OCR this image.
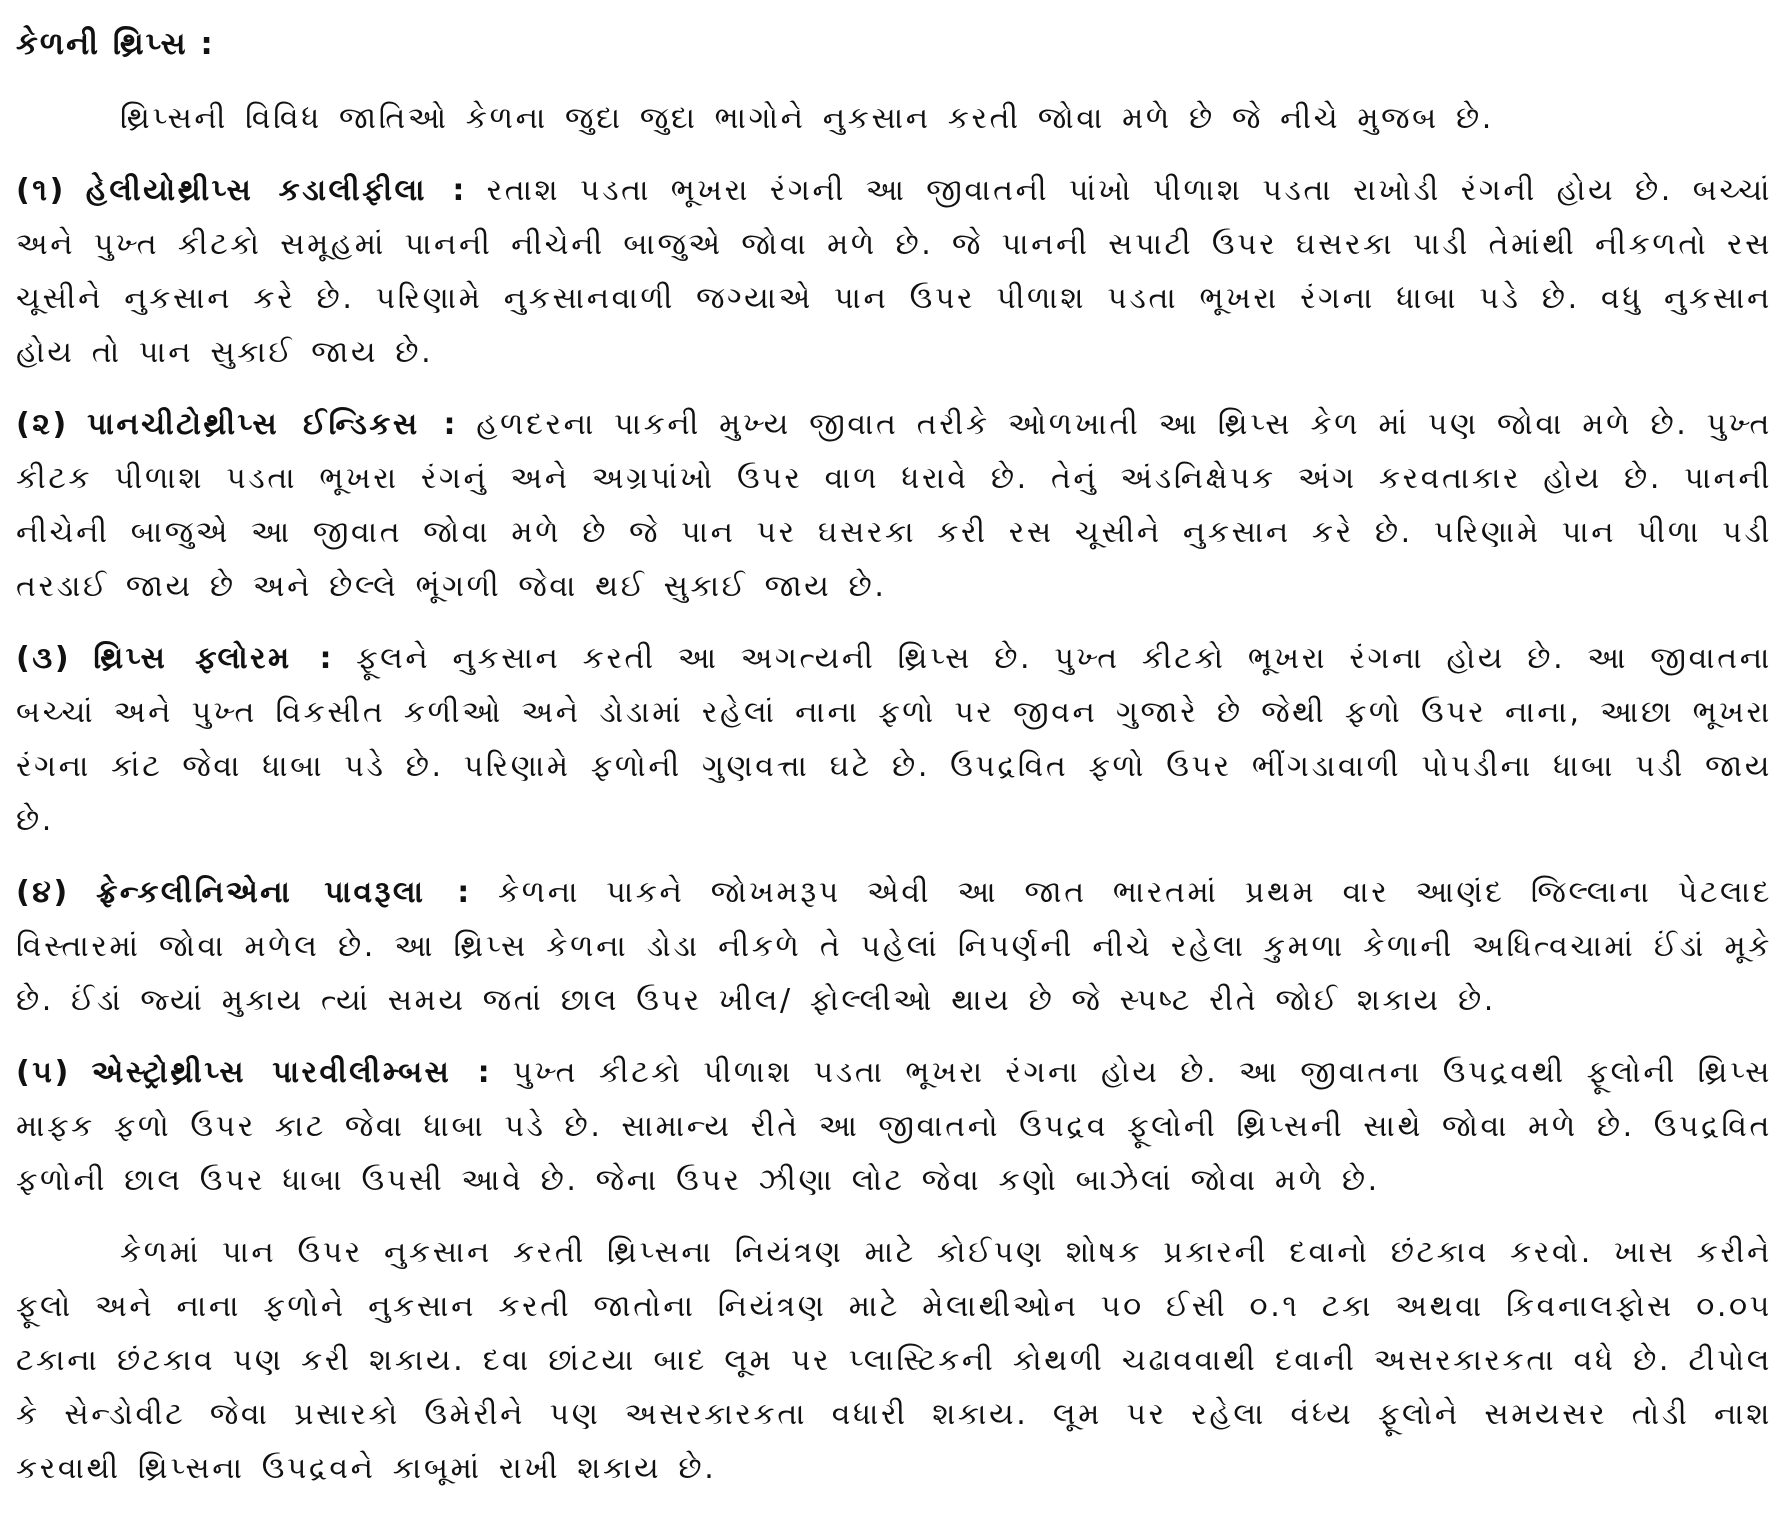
કેળની થ્રિપ્સ :

થ્રિપ્સની વિવિધ જાતિઓ કેળના જુદા જુદા ભાગોને નુકસાન કરતી જોવા મળે છે જે નીચે મુજબ છે.

(૧) હેલીયોથ્રીપ્સ કડાલીફીલા : રતાશ પડતા ભૂખરા રંગની આ જીવાતની પાંખો પીળાશ પડતા રાખોડી રંગની હોય છે. બચ્ચાં અને પુખ્ત કીટકો સમૂહમાં પાનની નીચેની બાજુએ જોવા મળે છે. જે પાનની સપાટી ઉપર ઘસરકા પાડી તેમાંથી નીકળતો રસ ચૂસીને નુકસાન કરે છે. પરિણામે નુકસાનવાળી જગ્યાએ પાન ઉપર પીળાશ પડતા ભૂખરા રંગના ધાબા પડે છે. વધુ નુકસાન હોય તો પાન સુકાઈ જાય છે.

(૨) પાનચીટોથ્રીપ્સ ઈન્ડિકસ : હળદરના પાકની મુખ્ય જીવાત તરીકે ઓળખાતી આ થ્રિપ્સ કેળ માં પણ જોવા મળે છે. પુખ્ત કીટક પીળાશ પડતા ભૂખરા રંગનું અને અગ્રપાંખો ઉપર વાળ ધરાવે છે. તેનું અંડનિક્ષેપક અંગ કરવતાકાર હોય છે. પાનની નીચેની બાજુએ આ જીવાત જોવા મળે છે જે પાન પર ઘસરકા કરી રસ ચૂસીને નુકસાન કરે છે. પરિણામે પાન પીળા પડી તરડાઈ જાય છે અને છેલ્લે ભૂંગળી જેવા થઈ સુકાઈ જાય છે.

(૩) થ્રિપ્સ ફ્લોરમ : ફૂલને નુકસાન કરતી આ અગત્યની થ્રિપ્સ છે. પુખ્ત કીટકો ભૂખરા રંગના હોય છે. આ જીવાતના બચ્ચાં અને પુખ્ત વિકસીત કળીઓ અને ડોડામાં રહેલાં નાના ફળો પર જીવન ગુજારે છે જેથી ફળો ઉપર નાના, આછા ભૂખરા રંગના કાંટ જેવા ધાબા પડે છે. પરિણામે ફળોની ગુણવત્તા ઘટે છે. ઉપદ્રવિત ફળો ઉપર ભીંગડાવાળી પોપડીના ધાબા પડી જાય છે.

(૪) ફ્રેન્કલીનિએના પાવરૂલા : કેળના પાકને જોખમરૂપ એવી આ જાત ભારતમાં પ્રથમ વાર આણંદ જિલ્લાના પેટલાદ વિસ્તારમાં જોવા મળેલ છે. આ થ્રિપ્સ કેળના ડોડા નીકળે તે પહેલાં નિપર્ણની નીચે રહેલા કુમળા કેળાની અધિત્વચામાં ઈંડાં મૂકે છે. ઈંડાં જ્યાં મુકાય ત્યાં સમય જતાં છાલ ઉપર ખીલ/ ફોલ્લીઓ થાય છે જે સ્પષ્ટ રીતે જોઈ શકાય છે.

(૫) એસ્ટ્રોથ્રીપ્સ પારવીલીમ્બસ : પુખ્ત કીટકો પીળાશ પડતા ભૂખરા રંગના હોય છે. આ જીવાતના ઉપદ્રવથી ફૂલોની થ્રિપ્સ માફક ફળો ઉપર કાટ જેવા ધાબા પડે છે. સામાન્ય રીતે આ જીવાતનો ઉપદ્રવ ફૂલોની થ્રિપ્સની સાથે જોવા મળે છે. ઉપદ્રવિત ફળોની છાલ ઉપર ધાબા ઉપસી આવે છે. જેના ઉપર ઝીણા લોટ જેવા કણો બાઝેલાં જોવા મળે છે.

કેળમાં પાન ઉપર નુકસાન કરતી થ્રિપ્સના નિયંત્રણ માટે કોઈપણ શોષક પ્રકારની દવાનો છંટકાવ કરવો. ખાસ કરીને ફૂલો અને નાના ફળોને નુકસાન કરતી જાતોના નિયંત્રણ માટે મેલાથીઓન ૫૦ ઈસી ૦.૧ ટકા અથવા કિવનાલફોસ ૦.૦૫ ટકાના છંટકાવ પણ કરી શકાય. દવા છાંટયા બાદ લૂમ પર પ્લાસ્ટિકની કોથળી ચઢાવવાથી દવાની અસરકારકતા વધે છે. ટીપોલ કે સેન્ડોવીટ જેવા પ્રસારકો ઉમેરીને પણ અસરકારકતા વધારી શકાય. લૂમ પર રહેલા વંધ્ય ફૂલોને સમયસર તોડી નાશ કરવાથી થ્રિપ્સના ઉપદ્રવને કાબૂમાં રાખી શકાય છે.
